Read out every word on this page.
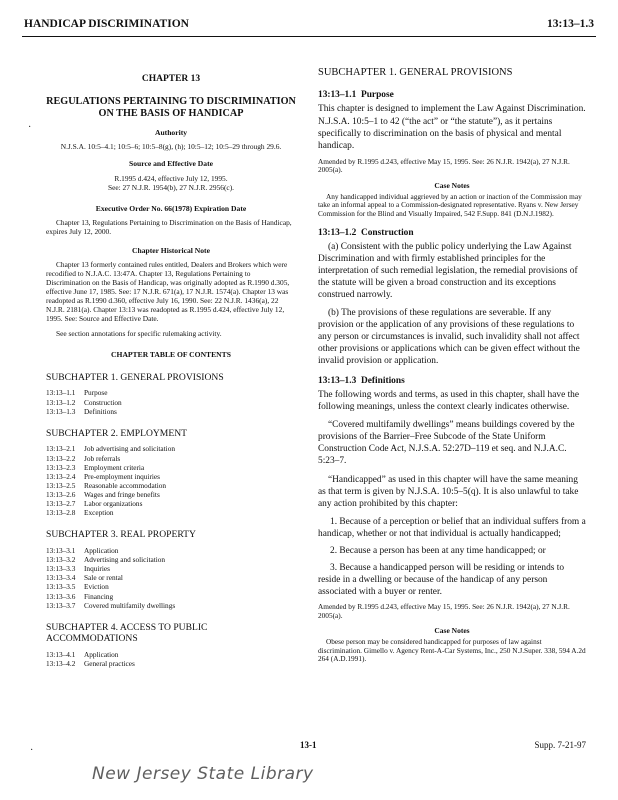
HANDICAP DISCRIMINATION	13:13–1.3
CHAPTER 13
REGULATIONS PERTAINING TO DISCRIMINATION ON THE BASIS OF HANDICAP
Authority
N.J.S.A. 10:5–4.1; 10:5–6; 10:5–8(g), (h); 10:5–12; 10:5–29 through 29.6.
Source and Effective Date
R.1995 d.424, effective July 12, 1995.
See: 27 N.J.R. 1954(b), 27 N.J.R. 2956(c).
Executive Order No. 66(1978) Expiration Date

Chapter 13, Regulations Pertaining to Discrimination on the Basis of Handicap, expires July 12, 2000.

Chapter Historical Note

Chapter 13 formerly contained rules entitled, Dealers and Brokers which were recodified to N.J.A.C. 13:47A. Chapter 13, Regulations Pertaining to Discrimination on the Basis of Handicap, was originally adopted as R.1990 d.305, effective June 17, 1985. See: 17 N.J.R. 671(a), 17 N.J.R. 1574(a). Chapter 13 was readopted as R.1990 d.360, effective July 16, 1990. See: 22 N.J.R. 1436(a), 22 N.J.R. 2181(a). Chapter 13:13 was readopted as R.1995 d.424, effective July 12, 1995. See: Source and Effective Date.

See section annotations for specific rulemaking activity.

CHAPTER TABLE OF CONTENTS
SUBCHAPTER 1. GENERAL PROVISIONS
13:13–1.1	Purpose
13:13–1.2	Construction
13:13–1.3	Definitions
SUBCHAPTER 2. EMPLOYMENT
13:13–2.1	Job advertising and solicitation
13:13–2.2	Job referrals
13:13–2.3	Employment criteria
13:13–2.4	Pre-employment inquiries
13:13–2.5	Reasonable accommodation
13:13–2.6	Wages and fringe benefits
13:13–2.7	Labor organizations
13:13–2.8	Exception
SUBCHAPTER 3. REAL PROPERTY
13:13–3.1	Application
13:13–3.2	Advertising and solicitation
13:13–3.3	Inquiries
13:13–3.4	Sale or rental
13:13–3.5	Eviction
13:13–3.6	Financing
13:13–3.7	Covered multifamily dwellings
SUBCHAPTER 4. ACCESS TO PUBLIC ACCOMMODATIONS
13:13–4.1	Application
13:13–4.2	General practices
SUBCHAPTER 1. GENERAL PROVISIONS
13:13–1.1 Purpose

This chapter is designed to implement the Law Against Discrimination. N.J.S.A. 10:5–1 to 42 (“the act” or “the statute”), as it pertains specifically to discrimination on the basis of physical and mental handicap.

Amended by R.1995 d.243, effective May 15, 1995. See: 26 N.J.R. 1942(a), 27 N.J.R. 2005(a).
Case Notes
Any handicapped individual aggrieved by an action or inaction of the Commission may take an informal appeal to a Commission-designated representative. Ryans v. New Jersey Commission for the Blind and Visually Impaired, 542 F.Supp. 841 (D.N.J.1982).
13:13–1.2 Construction
(a) Consistent with the public policy underlying the Law Against Discrimination and with firmly established principles for the interpretation of such remedial legislation, the remedial provisions of the statute will be given a broad construction and its exceptions construed narrowly.
(b) The provisions of these regulations are severable. If any provision or the application of any provisions of these regulations to any person or circumstances is invalid, such invalidity shall not affect other provisions or applications which can be given effect without the invalid provision or application.
13:13–1.3 Definitions
The following words and terms, as used in this chapter, shall have the following meanings, unless the context clearly indicates otherwise.
“Covered multifamily dwellings” means buildings covered by the provisions of the Barrier–Free Subcode of the State Uniform Construction Code Act, N.J.S.A. 52:27D–119 et seq. and N.J.A.C. 5:23–7.
“Handicapped” as used in this chapter will have the same meaning as that term is given by N.J.S.A. 10:5–5(q). It is also unlawful to take any action prohibited by this chapter:
1. Because of a perception or belief that an individual suffers from a handicap, whether or not that individual is actually handicapped;
2. Because a person has been at any time handicapped; or
3. Because a handicapped person will be residing or intends to reside in a dwelling or because of the handicap of any person associated with a buyer or renter.
Amended by R.1995 d.243, effective May 15, 1995. See: 26 N.J.R. 1942(a), 27 N.J.R. 2005(a).
Case Notes
Obese person may be considered handicapped for purposes of law against discrimination. Gimello v. Agency Rent-A-Car Systems, Inc., 250 N.J.Super. 338, 594 A.2d 264 (A.D.1991).
13-1	Supp. 7-21-97
New Jersey State Library
·
·
